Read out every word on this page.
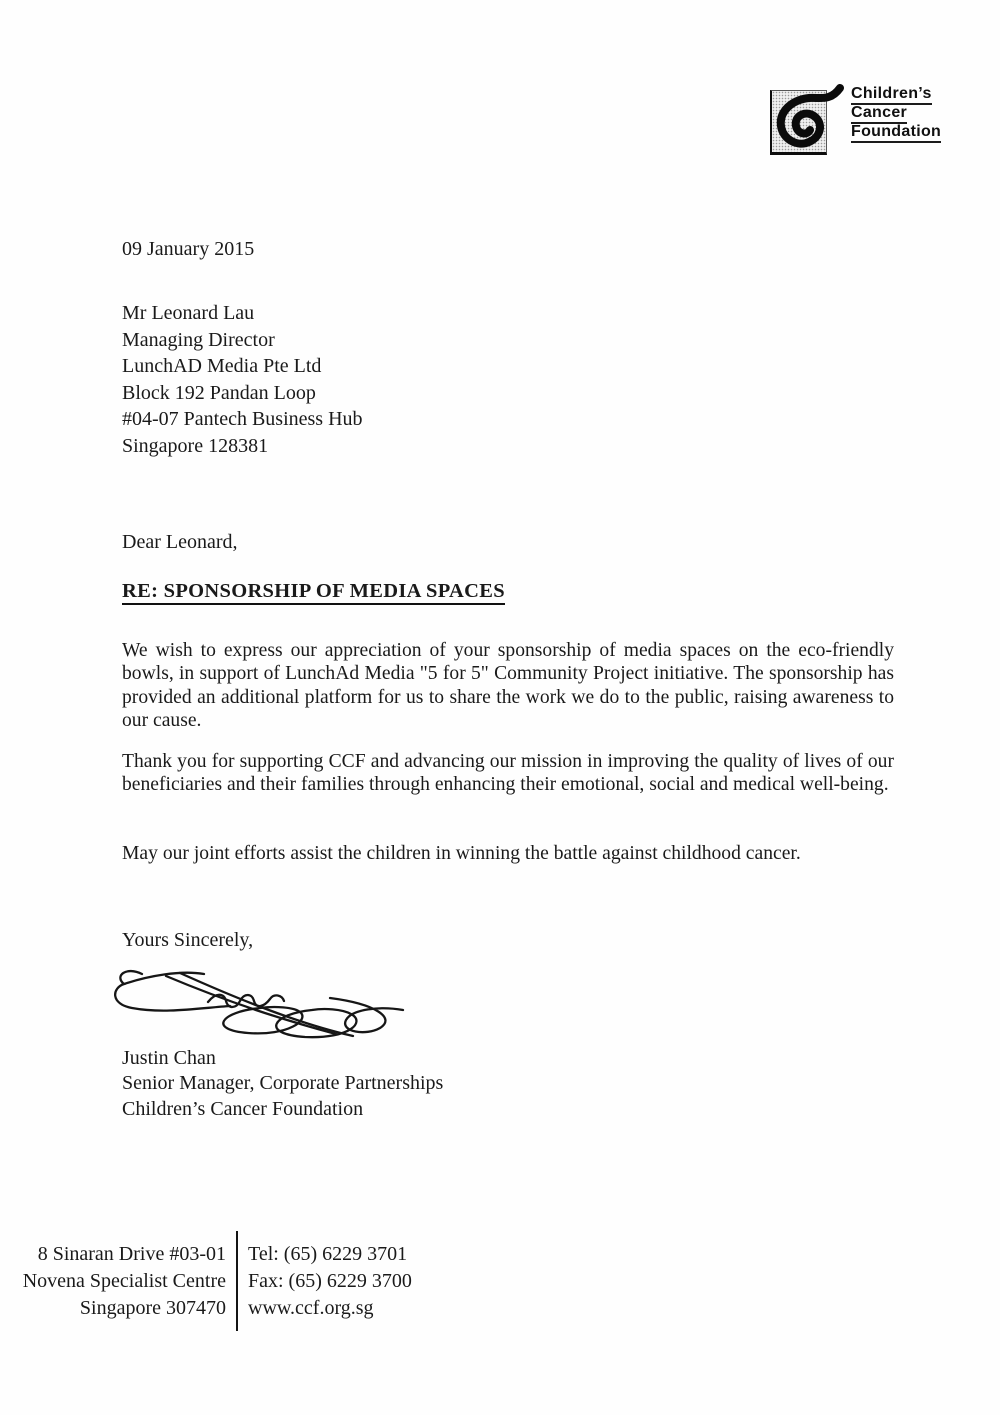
Children’s
Cancer
Foundation
09 January 2015
Mr Leonard Lau
Managing Director
LunchAD Media Pte Ltd
Block 192 Pandan Loop
#04-07 Pantech Business Hub
Singapore 128381
Dear Leonard,
RE: SPONSORSHIP OF MEDIA SPACES
We wish to express our appreciation of your sponsorship of media spaces on the eco-friendly bowls, in support of LunchAd Media "5 for 5" Community Project initiative. The sponsorship has provided an additional platform for us to share the work we do to the public, raising awareness to our cause.
Thank you for supporting CCF and advancing our mission in improving the quality of lives of our beneficiaries and their families through enhancing their emotional, social and medical well-being.
May our joint efforts assist the children in winning the battle against childhood cancer.
Yours Sincerely,
Justin Chan
Senior Manager, Corporate Partnerships
Children’s Cancer Foundation
8 Sinaran Drive #03-01
Novena Specialist Centre
Singapore 307470
Tel: (65) 6229 3701
Fax: (65) 6229 3700
www.ccf.org.sg
